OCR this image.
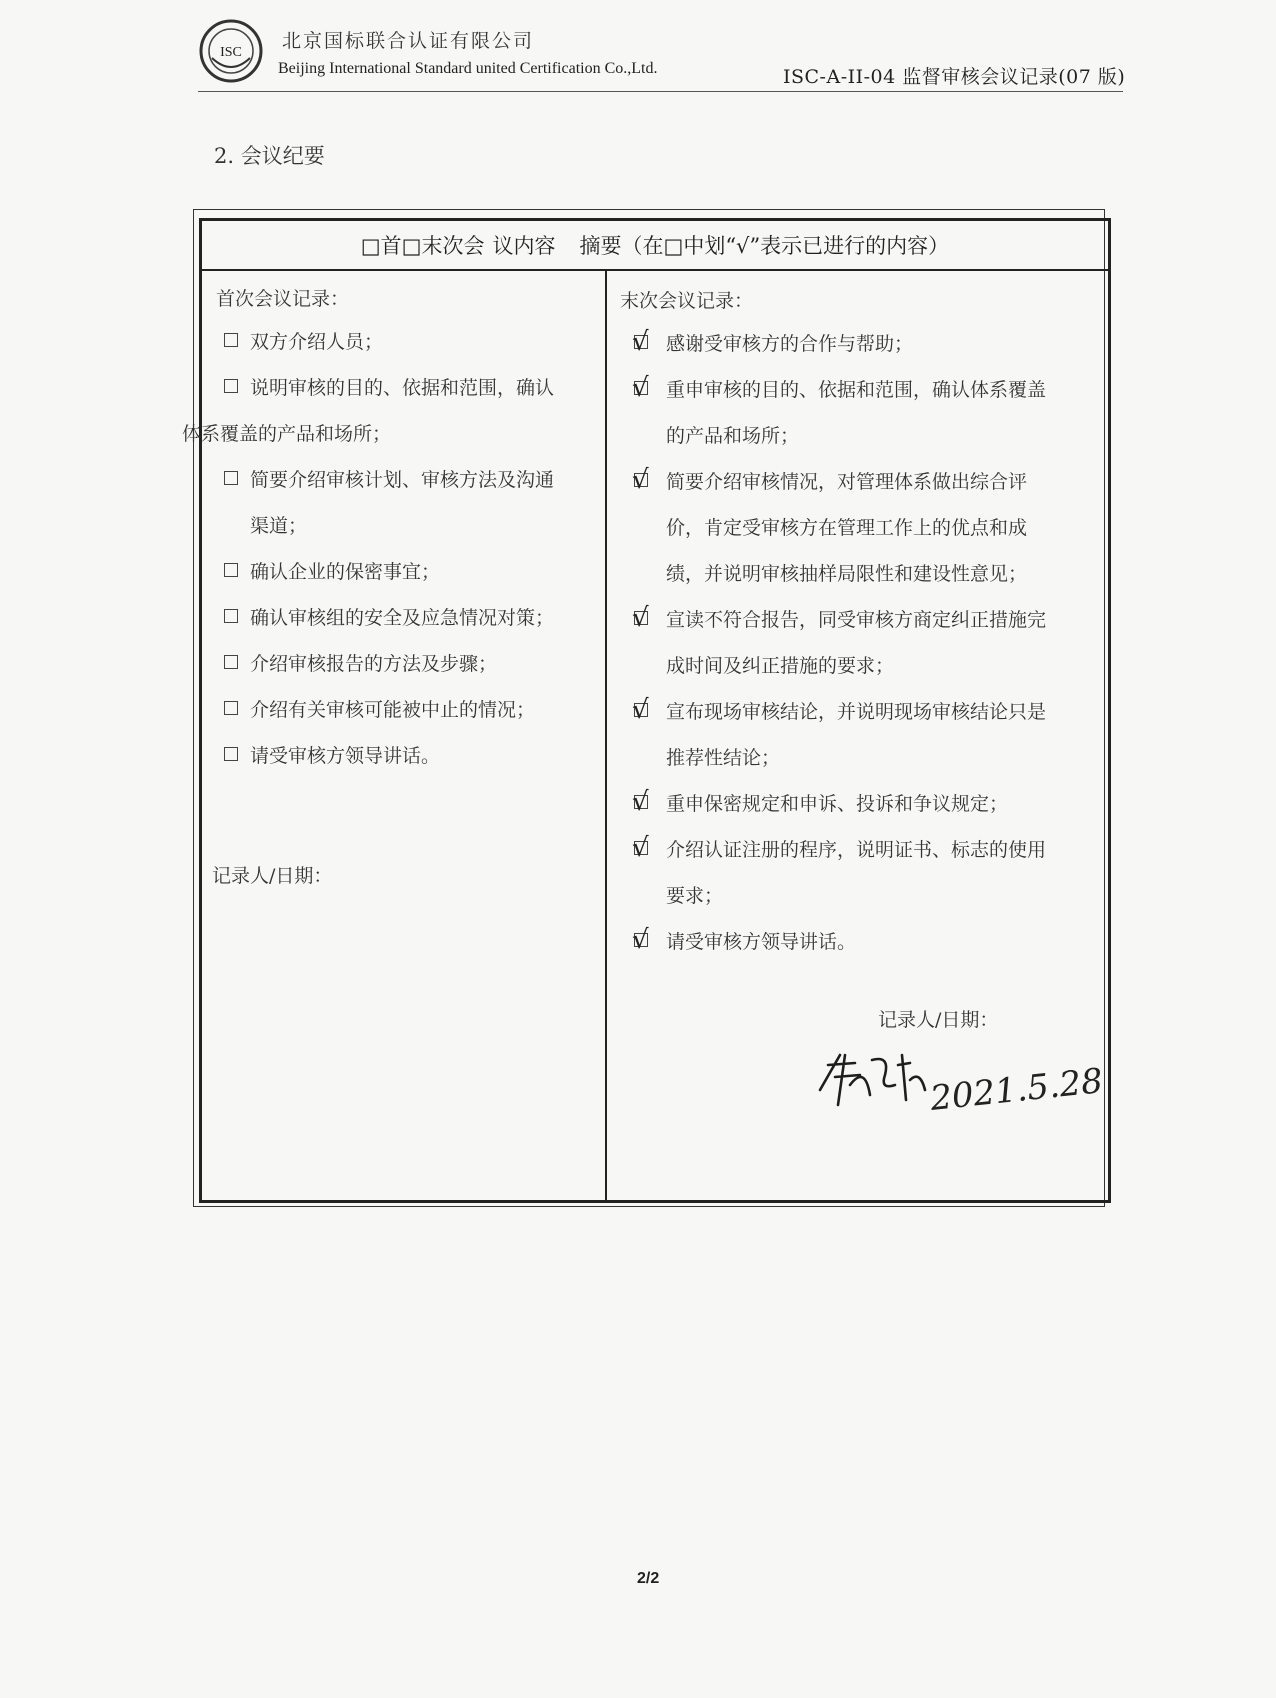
ISC
北京国标联合认证有限公司
Beijing International Standard united Certification Co.,Ltd.	ISC-A-II-04 监督审核会议记录(07 版)
2. 会议纪要
□首□末次会 议内容 摘要（在□中划“√”表示已进行的内容）
首次会议记录：
双方介绍人员；
说明审核的目的、依据和范围，确认
体系覆盖的产品和场所；
简要介绍审核计划、审核方法及沟通
渠道；
确认企业的保密事宜；
确认审核组的安全及应急情况对策；
介绍审核报告的方法及步骤；
介绍有关审核可能被中止的情况；
请受审核方领导讲话。
记录人/日期：
末次会议记录：
√ 感谢受审核方的合作与帮助；
√ 重申审核的目的、依据和范围，确认体系覆盖
的产品和场所；
√ 简要介绍审核情况，对管理体系做出综合评
价，肯定受审核方在管理工作上的优点和成
绩，并说明审核抽样局限性和建设性意见；
√ 宣读不符合报告，同受审核方商定纠正措施完
成时间及纠正措施的要求；
√ 宣布现场审核结论，并说明现场审核结论只是
推荐性结论；
√ 重申保密规定和申诉、投诉和争议规定；
√ 介绍认证注册的程序，说明证书、标志的使用
要求；
√ 请受审核方领导讲话。
记录人/日期：
2021.5.28
2/2
